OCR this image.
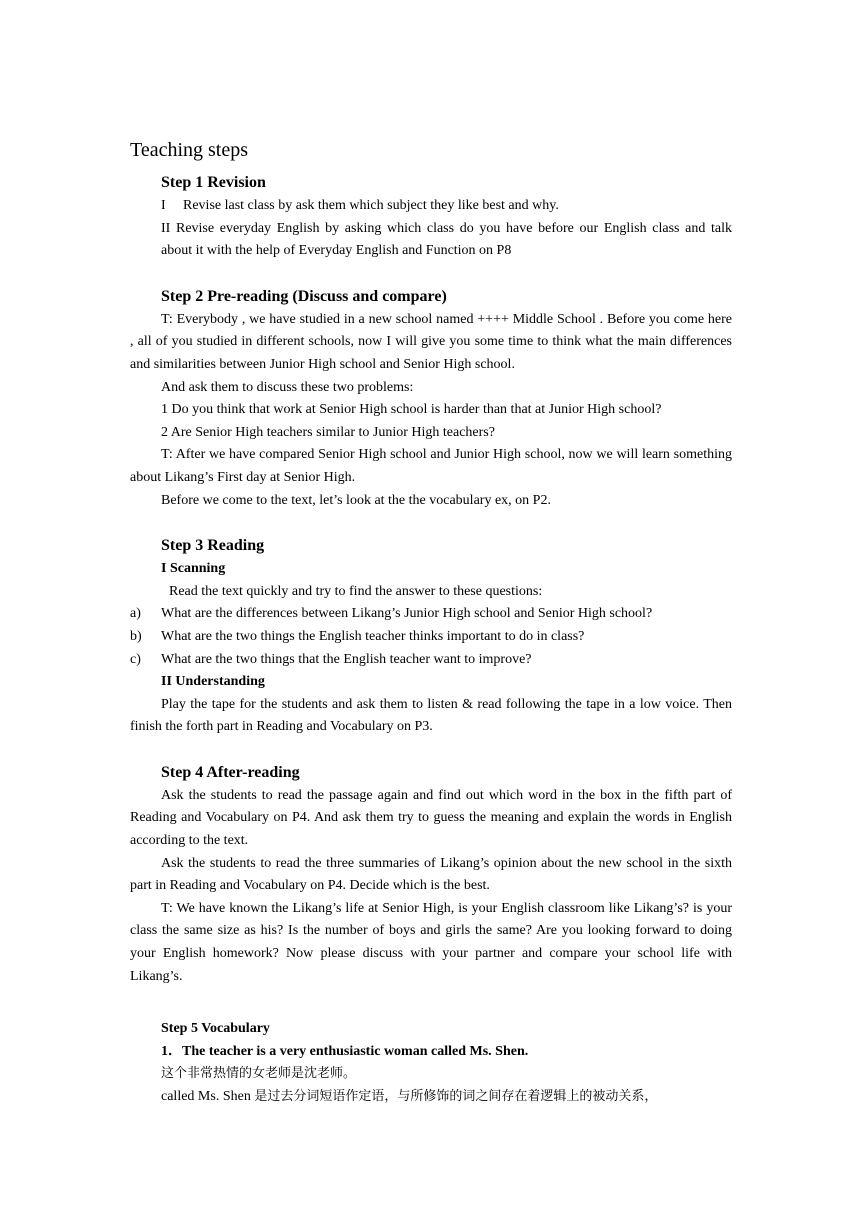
Teaching steps
Step 1 Revision

I Revise last class by ask them which subject they like best and why.

II Revise everyday English by asking which class do you have before our English class and talk about it with the help of Everyday English and Function on P8

Step 2 Pre-reading (Discuss and compare)

T: Everybody , we have studied in a new school named ++++ Middle School . Before you come here , all of you studied in different schools, now I will give you some time to think what the main differences and similarities between Junior High school and Senior High school.

And ask them to discuss these two problems:

1 Do you think that work at Senior High school is harder than that at Junior High school?

2 Are Senior High teachers similar to Junior High teachers?

T: After we have compared Senior High school and Junior High school, now we will learn something about Likang’s First day at Senior High.

Before we come to the text, let’s look at the the vocabulary ex, on P2.

Step 3 Reading

I Scanning

Read the text quickly and try to find the answer to these questions:

a)	What are the differences between Likang’s Junior High school and Senior High school?
b)	What are the two things the English teacher thinks important to do in class?
c)	What are the two things that the English teacher want to improve?

II Understanding

Play the tape for the students and ask them to listen & read following the tape in a low voice. Then finish the forth part in Reading and Vocabulary on P3.

Step 4 After-reading

Ask the students to read the passage again and find out which word in the box in the fifth part of Reading and Vocabulary on P4. And ask them try to guess the meaning and explain the words in English according to the text.

Ask the students to read the three summaries of Likang’s opinion about the new school in the sixth part in Reading and Vocabulary on P4. Decide which is the best.

T: We have known the Likang’s life at Senior High, is your English classroom like Likang’s? is your class the same size as his? Is the number of boys and girls the same? Are you looking forward to doing your English homework? Now please discuss with your partner and compare your school life with Likang’s.

Step 5 Vocabulary

1．The teacher is a very enthusiastic woman called Ms. Shen.

这个非常热情的女老师是沈老师。

called Ms. Shen 是过去分词短语作定语，与所修饰的词之间存在着逻辑上的被动关系，
